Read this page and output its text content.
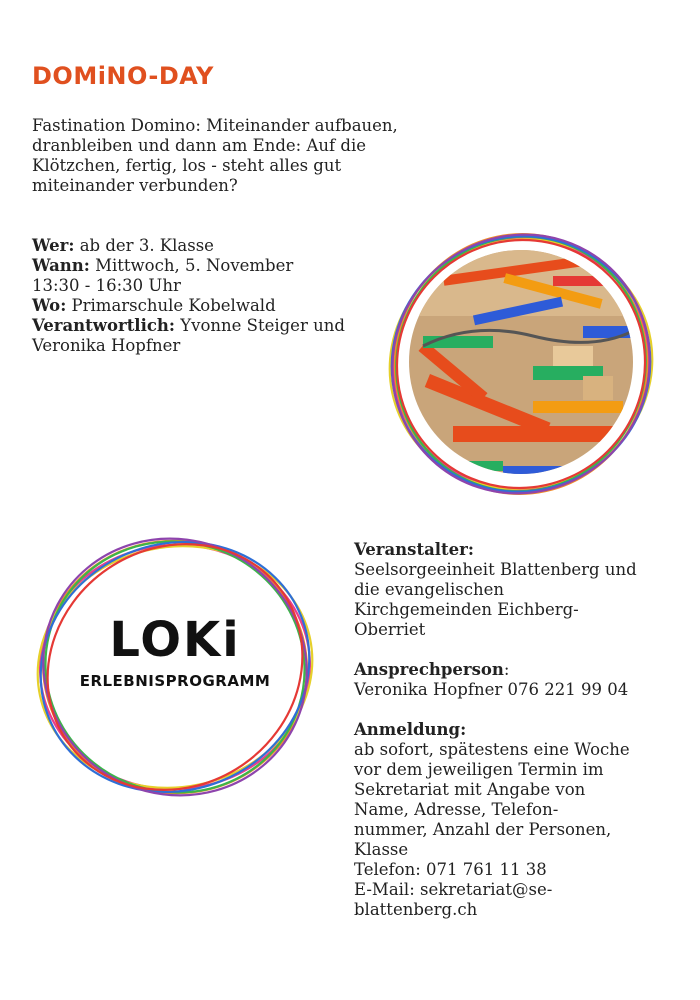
DOMiNO-DAY
Fastination Domino: Miteinander aufbauen, dranbleiben und dann am Ende: Auf die Klötzchen, fertig, los - steht alles gut miteinander verbunden?

Wer: ab der 3. Klasse

Wann: Mittwoch, 5. November

13:30 - 16:30 Uhr

Wo: Primarschule Kobelwald

Verantwortlich: Yvonne Steiger und

Veronika Hopfner

LOKi
ERLEBNISPROGRAMM

Veranstalter:

Seelsorgeeinheit Blattenberg und

die evangelischen

Kirchgemeinden Eichberg-

Oberriet

Ansprechperson:

Veronika Hopfner 076 221 99 04

Anmeldung:

ab sofort, spätestens eine Woche

vor dem jeweiligen Termin im

Sekretariat mit Angabe von

Name, Adresse, Telefon-

nummer, Anzahl der Personen,

Klasse

Telefon: 071 761 11 38

E-Mail: sekretariat@se-

blattenberg.ch
